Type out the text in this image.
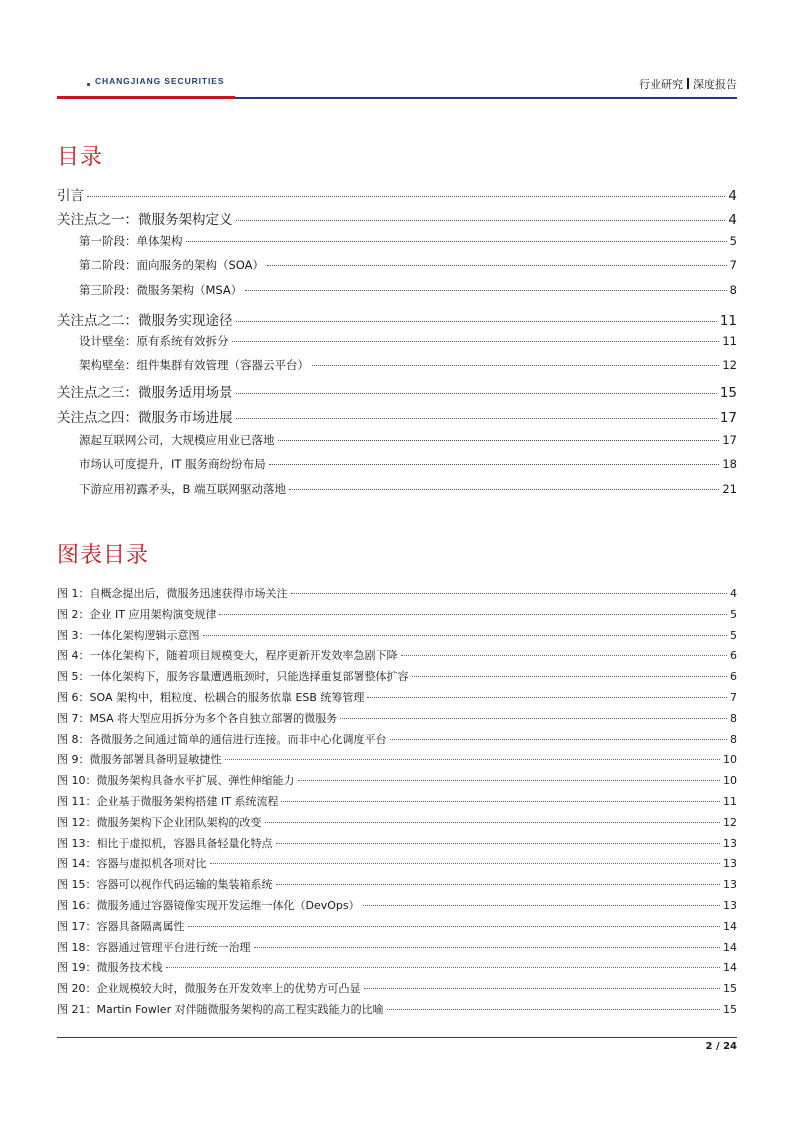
CHANGJIANG SECURITIES	行业研究 深度报告
目录
引言	4
关注点之一：微服务架构定义	4
第一阶段：单体架构	5
第二阶段：面向服务的架构（SOA）	7
第三阶段：微服务架构（MSA）	8
关注点之二：微服务实现途径	11
设计壁垒：原有系统有效拆分	11
架构壁垒：组件集群有效管理（容器云平台）	12
关注点之三：微服务适用场景	15
关注点之四：微服务市场进展	17
源起互联网公司，大规模应用业已落地	17
市场认可度提升，IT 服务商纷纷布局	18
下游应用初露矛头，B 端互联网驱动落地	21
图表目录
图 1：自概念提出后，微服务迅速获得市场关注	4
图 2：企业 IT 应用架构演变规律	5
图 3：一体化架构逻辑示意图	5
图 4：一体化架构下，随着项目规模变大，程序更新开发效率急剧下降	6
图 5：一体化架构下，服务容量遭遇瓶颈时，只能选择重复部署整体扩容	6
图 6：SOA 架构中，粗粒度、松耦合的服务依靠 ESB 统筹管理	7
图 7：MSA 将大型应用拆分为多个各自独立部署的微服务	8
图 8：各微服务之间通过简单的通信进行连接。而非中心化调度平台	8
图 9：微服务部署具备明显敏捷性	10
图 10：微服务架构具备水平扩展、弹性伸缩能力	10
图 11：企业基于微服务架构搭建 IT 系统流程	11
图 12：微服务架构下企业团队架构的改变	12
图 13：相比于虚拟机，容器具备轻量化特点	13
图 14：容器与虚拟机各项对比	13
图 15：容器可以视作代码运输的集装箱系统	13
图 16：微服务通过容器镜像实现开发运维一体化（DevOps）	13
图 17：容器具备隔离属性	14
图 18：容器通过管理平台进行统一治理	14
图 19：微服务技术栈	14
图 20：企业规模较大时，微服务在开发效率上的优势方可凸显	15
图 21：Martin Fowler 对伴随微服务架构的高工程实践能力的比喻	15
2 / 24
